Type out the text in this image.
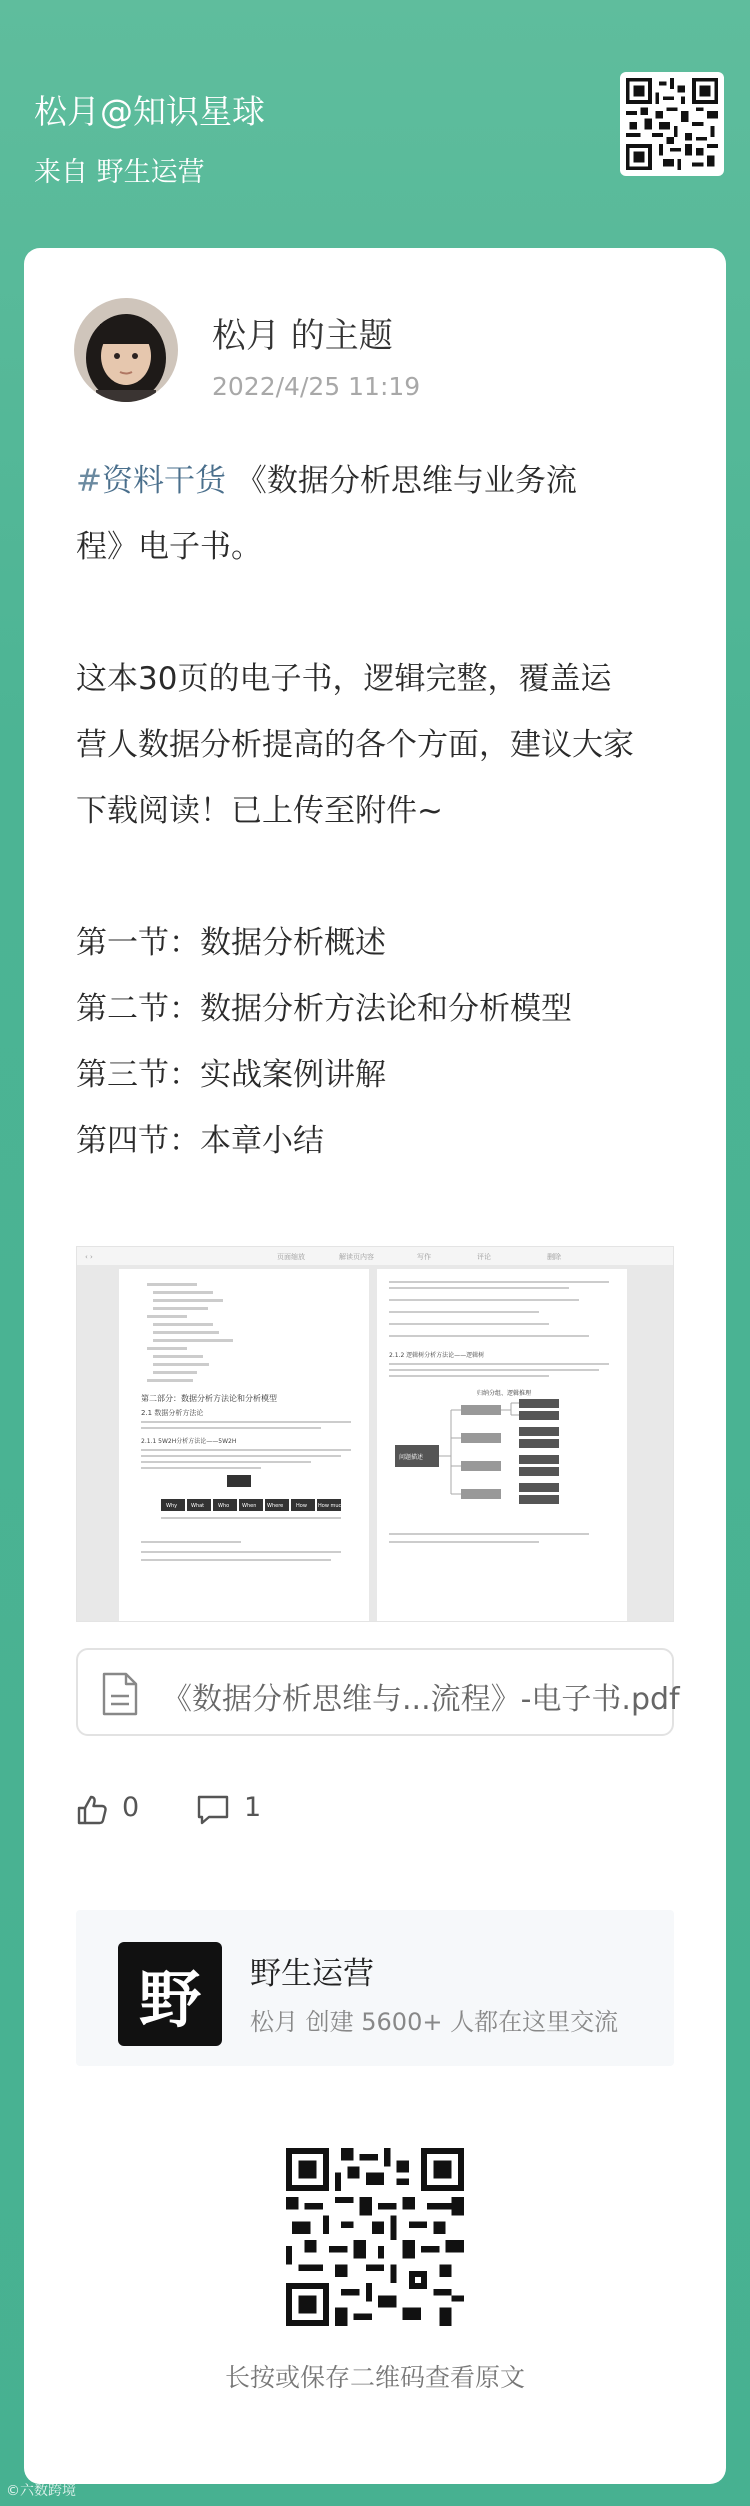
松月@知识星球
来自 野生运营
松月 的主题
2022/4/25 11:19

#资料干货 《数据分析思维与业务流

程》电子书。

这本30页的电子书，逻辑完整，覆盖运

营人数据分析提高的各个方面，建议大家

下载阅读！已上传至附件~

第一节：数据分析概述

第二节：数据分析方法论和分析模型

第三节：实战案例讲解

第四节：本章小结

‹ ›	页面缩放	解读页内容	写作	评论	删除
第二部分：数据分析方法论和分析模型
2.1 数据分析方法论
2.1.1 5W2H分析方法论——5W2H
Why	What	Who	When Where	How How much
2.1.2 逻辑树分析方法论——逻辑树
归纳分组、逻辑推理
问题描述
《数据分析思维与...流程》-电子书.pdf
0	1
野	野生运营
松月 创建 5600+ 人都在这里交流
长按或保存二维码查看原文
©六数跨境
